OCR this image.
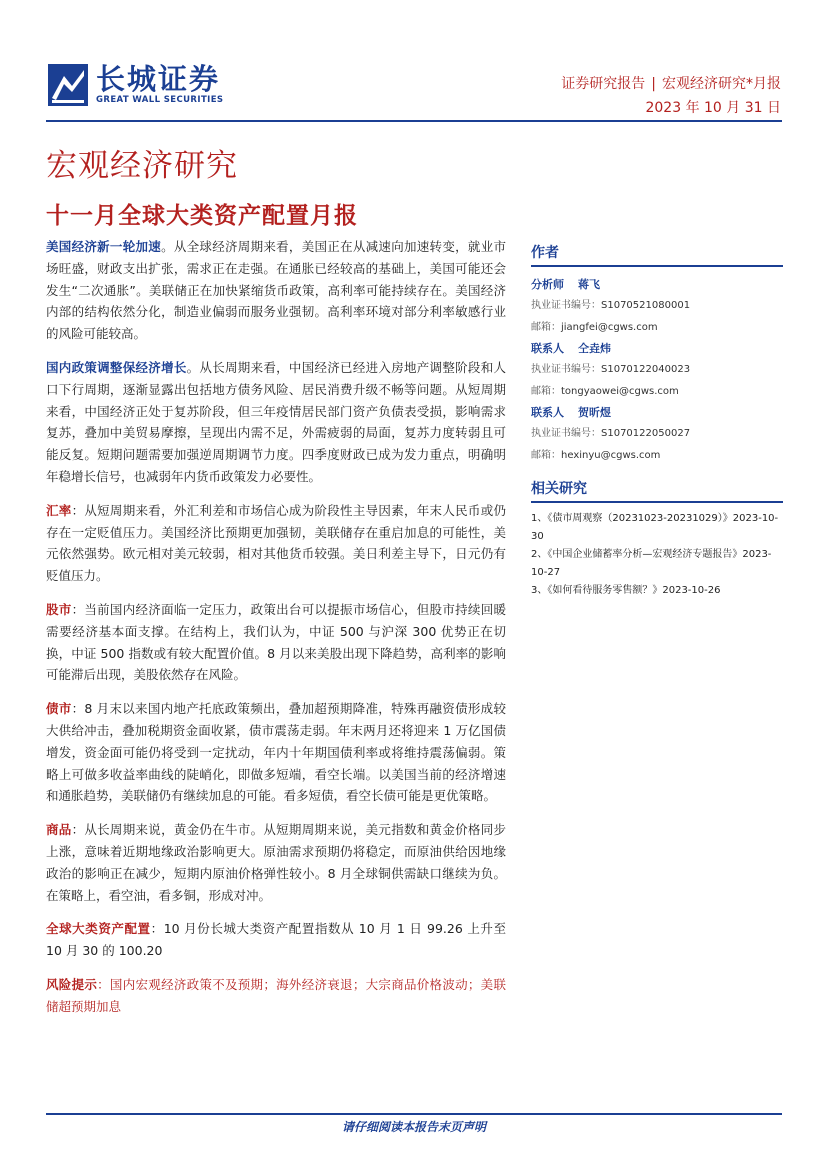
长城证券
GREAT WALL SECURITIES
证券研究报告 | 宏观经济研究*月报
2023 年 10 月 31 日
宏观经济研究
十一月全球大类资产配置月报

美国经济新一轮加速。从全球经济周期来看，美国正在从减速向加速转变，就业市场旺盛，财政支出扩张，需求正在走强。在通胀已经较高的基础上，美国可能还会发生“二次通胀”。美联储正在加快紧缩货币政策，高利率可能持续存在。美国经济内部的结构依然分化，制造业偏弱而服务业强韧。高利率环境对部分利率敏感行业的风险可能较高。

国内政策调整保经济增长。从长周期来看，中国经济已经进入房地产调整阶段和人口下行周期，逐渐显露出包括地方债务风险、居民消费升级不畅等问题。从短周期来看，中国经济正处于复苏阶段，但三年疫情居民部门资产负债表受损，影响需求复苏，叠加中美贸易摩擦，呈现出内需不足，外需疲弱的局面，复苏力度转弱且可能反复。短期问题需要加强逆周期调节力度。四季度财政已成为发力重点，明确明年稳增长信号，也减弱年内货币政策发力必要性。

汇率：从短周期来看，外汇利差和市场信心成为阶段性主导因素，年末人民币或仍存在一定贬值压力。美国经济比预期更加强韧，美联储存在重启加息的可能性，美元依然强势。欧元相对美元较弱，相对其他货币较强。美日利差主导下，日元仍有贬值压力。

股市：当前国内经济面临一定压力，政策出台可以提振市场信心，但股市持续回暖需要经济基本面支撑。在结构上，我们认为，中证 500 与沪深 300 优势正在切换，中证 500 指数或有较大配置价值。8 月以来美股出现下降趋势，高利率的影响可能滞后出现，美股依然存在风险。

债市：8 月末以来国内地产托底政策频出，叠加超预期降准，特殊再融资债形成较大供给冲击，叠加税期资金面收紧，债市震荡走弱。年末两月还将迎来 1 万亿国债增发，资金面可能仍将受到一定扰动，年内十年期国债利率或将维持震荡偏弱。策略上可做多收益率曲线的陡峭化，即做多短端，看空长端。以美国当前的经济增速和通胀趋势，美联储仍有继续加息的可能。看多短债，看空长债可能是更优策略。

商品：从长周期来说，黄金仍在牛市。从短期周期来说，美元指数和黄金价格同步上涨，意味着近期地缘政治影响更大。原油需求预期仍将稳定，而原油供给因地缘政治的影响正在减少，短期内原油价格弹性较小。8 月全球铜供需缺口继续为负。在策略上，看空油，看多铜，形成对冲。

全球大类资产配置：10 月份长城大类资产配置指数从 10 月 1 日 99.26 上升至 10 月 30 的 100.20

风险提示：国内宏观经济政策不及预期；海外经济衰退；大宗商品价格波动；美联储超预期加息

作者
分析师 蒋飞
执业证书编号：S1070521080001
邮箱：jiangfei@cgws.com
联系人 仝垚炜
执业证书编号：S1070122040023
邮箱：tongyaowei@cgws.com
联系人 贺昕煜
执业证书编号：S1070122050027
邮箱：hexinyu@cgws.com
相关研究
1、《债市周观察（20231023-20231029）》2023-10-30
2、《中国企业储蓄率分析—宏观经济专题报告》2023-10-27
3、《如何看待服务零售额？》2023-10-26
请仔细阅读本报告末页声明
